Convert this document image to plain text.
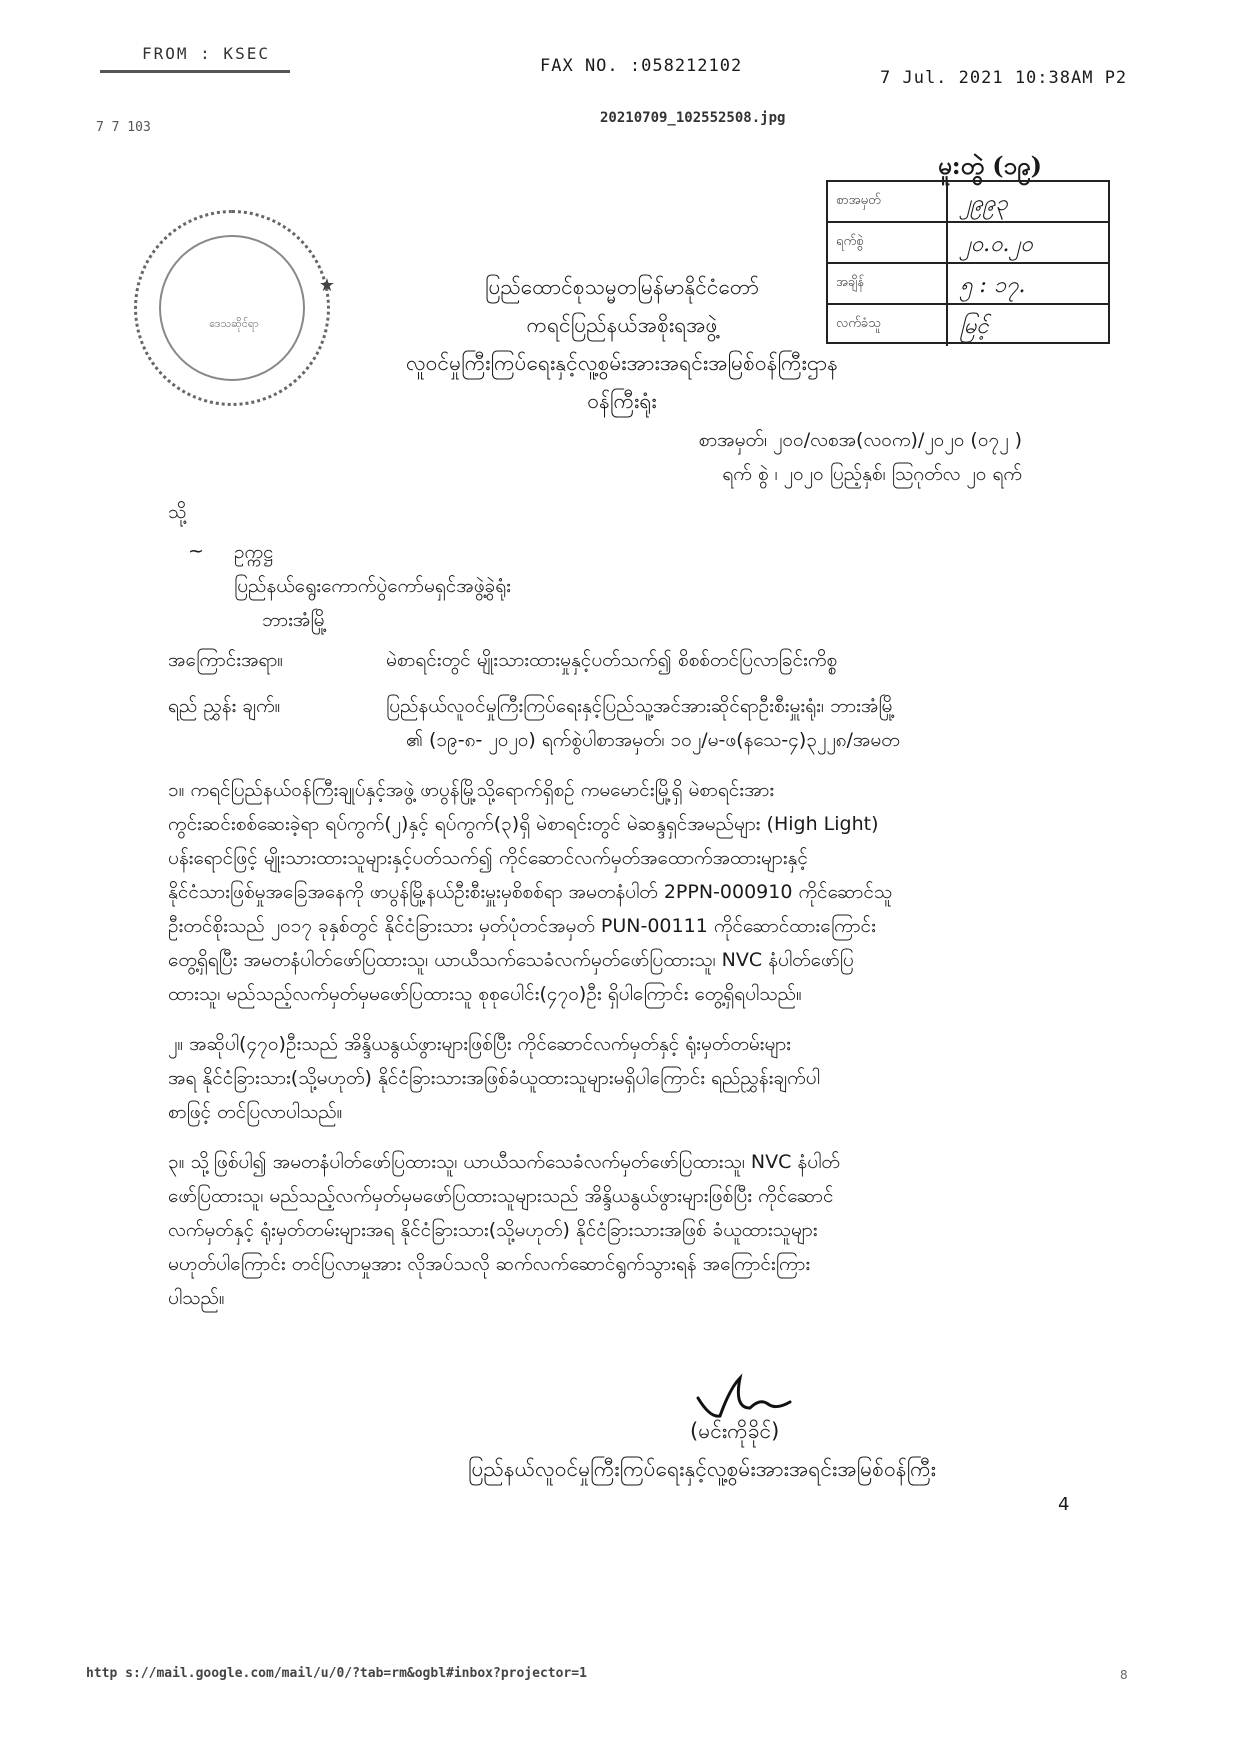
FROM : KSEC
FAX NO. :058212102
7 Jul. 2021 10:38AM P2
7 7 103
20210709_102552508.jpg
မူ:တွဲ (၁၉)
စာအမှတ်	၂၉၉၃
ရက်စွဲ	၂၀.၀.၂၀
အချိန်	၅ : ၁၇.
လက်ခံသူ	မြင့်
ဒေသဆိုင်ရာ
★	ပြည်ထောင်စုသမ္မတမြန်မာနိုင်ငံတော်
ကရင်ပြည်နယ်အစိုးရအဖွဲ့
လူဝင်မှုကြီးကြပ်ရေးနှင့်လူ့စွမ်းအားအရင်းအမြစ်ဝန်ကြီးဌာန
ဝန်ကြီးရုံး
စာအမှတ်၊ ၂၀၀/လစအ(လဝက)/၂၀၂၀ (၀၇၂ )
ရက် စွဲ ၊ ၂၀၂၀ ပြည့်နှစ်၊ ဩဂုတ်လ ၂၀ ရက်
သို့
~ ဥက္ကဋ္ဌ
ပြည်နယ်ရွေးကောက်ပွဲကော်မရှင်အဖွဲ့ခွဲရုံး
ဘားအံမြို့
အကြောင်းအရာ။	မဲစာရင်းတွင် မျိုးသားထားမှုနှင့်ပတ်သက်၍ စိစစ်တင်ပြလာခြင်းကိစ္စ
ရည် ညွှန်း ချက်။	ပြည်နယ်လူဝင်မှုကြီးကြပ်ရေးနှင့်ပြည်သူ့အင်အားဆိုင်ရာဦးစီးမှူးရုံး၊ ဘားအံမြို့
၏ (၁၉-၈- ၂၀၂၀) ရက်စွဲပါစာအမှတ်၊ ၁၀၂/မ-ဖ(နသေ-၄)၃၂၂၈/အမတ
၁။ ကရင်ပြည်နယ်ဝန်ကြီးချုပ်နှင့်အဖွဲ့ ဖာပွန်မြို့သို့ရောက်ရှိစဉ် ကမမောင်းမြို့ရှိ မဲစာရင်းအား
ကွင်းဆင်းစစ်ဆေးခဲ့ရာ ရပ်ကွက်(၂)နှင့် ရပ်ကွက်(၃)ရှိ မဲစာရင်းတွင် မဲဆန္ဒရှင်အမည်များ (High Light)
ပန်းရောင်ဖြင့် မျိုးသားထားသူများနှင့်ပတ်သက်၍ ကိုင်ဆောင်လက်မှတ်အထောက်အထားများနှင့်
နိုင်ငံသားဖြစ်မှုအခြေအနေကို ဖာပွန်မြို့နယ်ဦးစီးမှူးမှစိစစ်ရာ အမတနံပါတ် 2PPN-000910 ကိုင်ဆောင်သူ
ဦးတင်စိုးသည် ၂၀၁၇ ခုနှစ်တွင် နိုင်ငံခြားသား မှတ်ပုံတင်အမှတ် PUN-00111 ကိုင်ဆောင်ထားကြောင်း
တွေ့ရှိရပြီး အမတနံပါတ်ဖော်ပြထားသူ၊ ယာယီသက်သေခံလက်မှတ်ဖော်ပြထားသူ၊ NVC နံပါတ်ဖော်ပြ
ထားသူ၊ မည်သည့်လက်မှတ်မှမဖော်ပြထားသူ စုစုပေါင်း(၄၇၀)ဦး ရှိပါကြောင်း တွေ့ရှိရပါသည်။
၂။ အဆိုပါ(၄၇၀)ဦးသည် အိန္ဒိယနွယ်ဖွားများဖြစ်ပြီး ကိုင်ဆောင်လက်မှတ်နှင့် ရုံးမှတ်တမ်းများ
အရ နိုင်ငံခြားသား(သို့မဟုတ်) နိုင်ငံခြားသားအဖြစ်ခံယူထားသူများမရှိပါကြောင်း ရည်ညွှန်းချက်ပါ
စာဖြင့် တင်ပြလာပါသည်။
၃။ သို့ဖြစ်ပါ၍ အမတနံပါတ်ဖော်ပြထားသူ၊ ယာယီသက်သေခံလက်မှတ်ဖော်ပြထားသူ၊ NVC နံပါတ်
ဖော်ပြထားသူ၊ မည်သည့်လက်မှတ်မှမဖော်ပြထားသူများသည် အိန္ဒိယနွယ်ဖွားများဖြစ်ပြီး ကိုင်ဆောင်
လက်မှတ်နှင့် ရုံးမှတ်တမ်းများအရ နိုင်ငံခြားသား(သို့မဟုတ်) နိုင်ငံခြားသားအဖြစ် ခံယူထားသူများ
မဟုတ်ပါကြောင်း တင်ပြလာမှုအား လိုအပ်သလို ဆက်လက်ဆောင်ရွက်သွားရန် အကြောင်းကြား
ပါသည်။
(မင်းကိုခိုင်)
ပြည်နယ်လူဝင်မှုကြီးကြပ်ရေးနှင့်လူ့စွမ်းအားအရင်းအမြစ်ဝန်ကြီး
4
http s://mail.google.com/mail/u/0/?tab=rm&ogbl#inbox?projector=1	8
